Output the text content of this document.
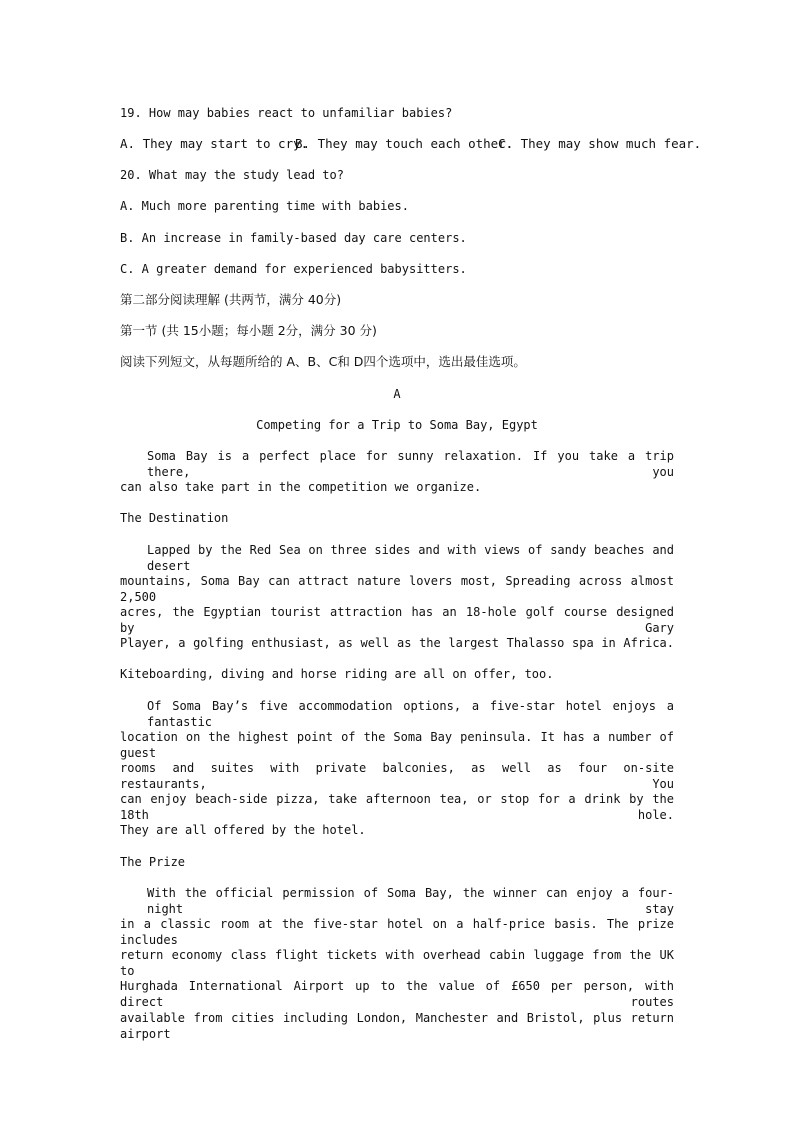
19. How may babies react to unfamiliar babies?
A. They may start to cry.
B. They may touch each other.
C. They may show much fear.
20. What may the study lead to?
A. Much more parenting time with babies.
B. An increase in family-based day care centers.
C. A greater demand for experienced babysitters.
第二部分阅读理解 (共两节，满分 40分)
第一节 (共 15小题；每小题 2分，满分 30 分)
阅读下列短文，从每题所给的 A、B、C和 D四个选项中，选出最佳选项。
A
Competing for a Trip to Soma Bay, Egypt
Soma Bay is a perfect place for sunny relaxation. If you take a trip there, you
can also take part in the competition we organize.
The Destination
Lapped by the Red Sea on three sides and with views of sandy beaches and desert
mountains, Soma Bay can attract nature lovers most, Spreading across almost 2,500
acres, the Egyptian tourist attraction has an 18-hole golf course designed by Gary
Player, a golfing enthusiast, as well as the largest Thalasso spa in Africa.
Kiteboarding, diving and horse riding are all on offer, too.
Of Soma Bay’s five accommodation options, a five-star hotel enjoys a fantastic
location on the highest point of the Soma Bay peninsula. It has a number of guest
rooms and suites with private balconies, as well as four on-site restaurants, You
can enjoy beach-side pizza, take afternoon tea, or stop for a drink by the 18th hole.
They are all offered by the hotel.
The Prize
With the official permission of Soma Bay, the winner can enjoy a four-night stay
in a classic room at the five-star hotel on a half-price basis. The prize includes
return economy class flight tickets with overhead cabin luggage from the UK to
Hurghada International Airport up to the value of £650 per person, with direct routes
available from cities including London, Manchester and Bristol, plus return airport
